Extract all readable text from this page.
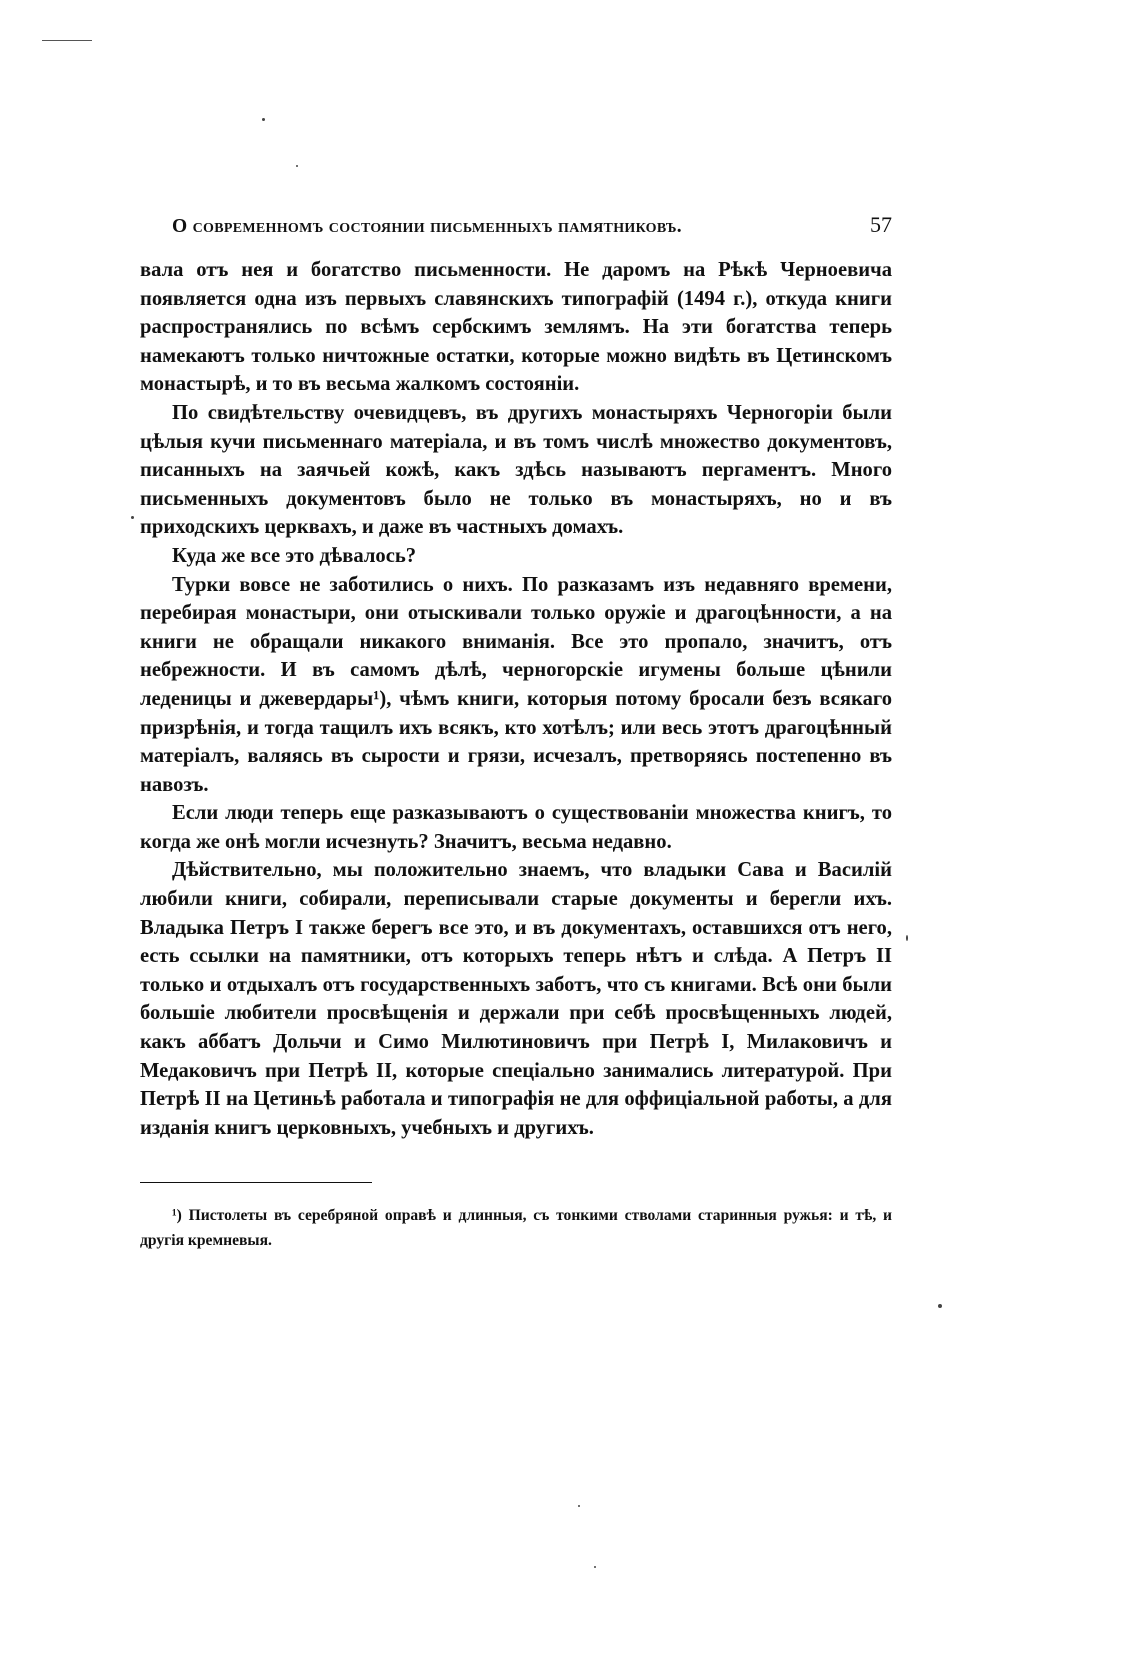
О современномъ состоянии письменныхъ памятниковъ.	57

вала отъ нея и богатство письменности. Не даромъ на Рѣкѣ Черноевича появляется одна изъ первыхъ славянскихъ типографій (1494 г.), откуда книги распространялись по всѣмъ сербскимъ землямъ. На эти богатства теперь намекаютъ только ничтожные остатки, которые можно видѣть въ Цетинскомъ монастырѣ, и то въ весьма жалкомъ состояніи.

По свидѣтельству очевидцевъ, въ другихъ монастыряхъ Черногоріи были цѣлыя кучи письменнаго матеріала, и въ томъ числѣ множество документовъ, писанныхъ на заячьей кожѣ, какъ здѣсь называютъ пергаментъ. Много письменныхъ документовъ было не только въ монастыряхъ, но и въ приходскихъ церквахъ, и даже въ частныхъ домахъ.

Куда же все это дѣвалось?

Турки вовсе не заботились о нихъ. По разказамъ изъ недавняго времени, перебирая монастыри, они отыскивали только оружіе и драгоцѣнности, а на книги не обращали никакого вниманія. Все это пропало, значитъ, отъ небрежности. И въ самомъ дѣлѣ, черногорскіе игумены больше цѣнили леденицы и джевердары¹), чѣмъ книги, которыя потому бросали безъ всякаго призрѣнія, и тогда тащилъ ихъ всякъ, кто хотѣлъ; или весь этотъ драгоцѣнный матеріалъ, валяясь въ сырости и грязи, исчезалъ, претворяясь постепенно въ навозъ.

Если люди теперь еще разказываютъ о существованіи множества книгъ, то когда же онѣ могли исчезнуть? Значитъ, весьма недавно.

Дѣйствительно, мы положительно знаемъ, что владыки Сава и Василій любили книги, собирали, переписывали старые документы и берегли ихъ. Владыка Петръ I также берегъ все это, и въ документахъ, оставшихся отъ него, есть ссылки на памятники, отъ которыхъ теперь нѣтъ и слѣда. А Петръ II только и отдыхалъ отъ государственныхъ заботъ, что съ книгами. Всѣ они были большіе любители просвѣщенія и держали при себѣ просвѣщенныхъ людей, какъ аббатъ Дольчи и Симо Милютиновичъ при Петрѣ I, Милаковичъ и Медаковичъ при Петрѣ II, которые спеціально занимались литературой. При Петрѣ II на Цетиньѣ работала и типографія не для оффиціальной работы, а для изданія книгъ церковныхъ, учебныхъ и другихъ.

¹) Пистолеты въ серебряной оправѣ и длинныя, съ тонкими стволами старинныя ружья: и тѣ, и другія кремневыя.
